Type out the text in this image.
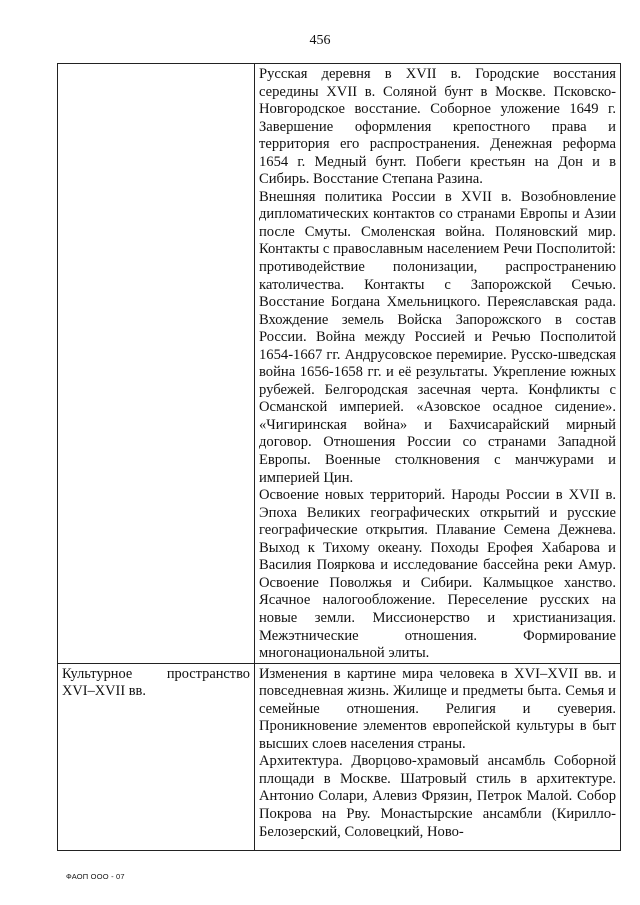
456

	Русская деревня в XVII в. Городские восстания середины XVII в. Соляной бунт в Москве. Псковско-Новгородское восстание. Соборное уложение 1649 г. Завершение оформления крепостного права и территория его распространения. Денежная реформа 1654 г. Медный бунт. Побеги крестьян на Дон и в Сибирь. Восстание Степана Разина.
Внешняя политика России в XVII в. Возобновление дипломатических контактов со странами Европы и Азии после Смуты. Смоленская война. Поляновский мир. Контакты с православным населением Речи Посполитой: противодействие полонизации, распространению католичества. Контакты с Запорожской Сечью. Восстание Богдана Хмельницкого. Переяславская рада. Вхождение земель Войска Запорожского в состав России. Война между Россией и Речью Посполитой 1654-1667 гг. Андрусовское перемирие. Русско-шведская война 1656-1658 гг. и её результаты. Укрепление южных рубежей. Белгородская засечная черта. Конфликты с Османской империей. «Азовское осадное сидение». «Чигиринская война» и Бахчисарайский мирный договор. Отношения России со странами Западной Европы. Военные столкновения с манчжурами и империей Цин.
Освоение новых территорий. Народы России в XVII в. Эпоха Великих географических открытий и русские географические открытия. Плавание Семена Дежнева. Выход к Тихому океану. Походы Ерофея Хабарова и Василия Пояркова и исследование бассейна реки Амур. Освоение Поволжья и Сибири. Калмыцкое ханство. Ясачное налогообложение. Переселение русских на новые земли. Миссионерство и христианизация. Межэтнические отношения. Формирование многонациональной элиты.

Культурное пространство XVI–XVII вв.	Изменения в картине мира человека в XVI–XVII вв. и повседневная жизнь. Жилище и предметы быта. Семья и семейные отношения. Религия и суеверия. Проникновение элементов европейской культуры в быт высших слоев населения страны.
Архитектура. Дворцово-храмовый ансамбль Соборной площади в Москве. Шатровый стиль в архитектуре. Антонио Солари, Алевиз Фрязин, Петрок Малой. Собор Покрова на Рву. Монастырские ансамбли (Кирилло-Белозерский, Соловецкий, Ново-
ФАОП ООО - 07
